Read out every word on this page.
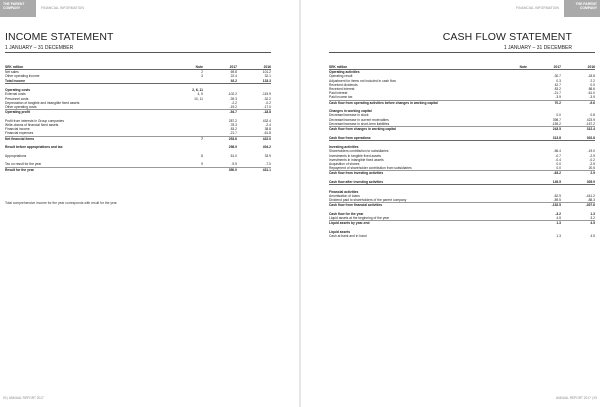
THE PARENT COMPANY	FINANCIAL INFORMATION	FINANCIAL INFORMATION
THE PARENT COMPANY
INCOME STATEMENT
1 JANUARY – 31 DECEMBER
SEK million	Note	2017	2016
Net sales	2	69.8	101.2
Other operating income	3	22.4	32.1
Total income		92.2	133.3

Operating costs	2, 6, 11		
External costs	4, 5	-102.2	-119.9
Personnel costs	10, 11	-39.3	-32.2
Depreciation of tangible and intangible fixed assets		-2.2	-0.2
Other operating costs		-19.2	-17.0
Operating profit		-54.7	-18.8

Profit from interests in Group companies		287.2	432.4
Write-downs of financial fixed assets		-78.3	-2.4
Financial income		83.2	38.8
Financial expenses		-21.7	-61.8
Net financial items	7	253.6	422.0

Result before appropriations and tax		298.9	404.2

Appropriations	8	61.0	33.9

Tax on result for the year	9	-9.9	-7.0
Result for the year		350.0	431.1
Total comprehensive income for the year corresponds with result for the year
CASH FLOW STATEMENT
1 JANUARY – 31 DECEMBER
SEK million	Note	2017	2016
Operating activities			
Operating result		-30.7	-18.8
Adjustment for items not included in cash flow		0.3	2.2
Received dividends		42.7	0.0
Received interest		83.2	88.6
Paid interest		-21.7	-61.0
Paid income tax		-3.9	-3.9
Cash flow from operating activities before changes in working capital		70.2	-9.6

Changes in working capital			
Decrease/increase in stock		0.0	0.8
Decrease/increase in current receivables		398.7	423.9
Decrease/increase in short-term liabilities		-155.2	-167.2
Cash flow from changes in working capital		243.5	312.4

Cash flow from operations		313.8	302.8

Investing activities			
Shareholders contribution to subsidiaries		-56.4	-19.0
Investments in tangible fixed assets		-0.7	-2.9
Investments in intangible fixed assets		-0.4	-0.2
Acquisition of shares		0.0	-2.5
Repayment of shareholder contribution from subsidiaries		0.0	20.5
Cash flow from investing activities		-63.2	2.9

Cash flow after investing activities		149.5	305.9

Financial activities			
Amortisation of loans		-62.9	-441.2
Dividend paid to shareholders of the parent company		-89.5	-88.3
Cash flow from financial activities		-152.5	-307.6

Cash flow for the year		-3.2	1.3
Liquid assets at the beginning of the year		4.5	3.2
Liquid assets by year-end		1.3	4.5

Liquid assets			
Cash at bank and in hand		1.3	4.5
92 | ANNUAL REPORT 2017	ANNUAL REPORT 2017 | 93
